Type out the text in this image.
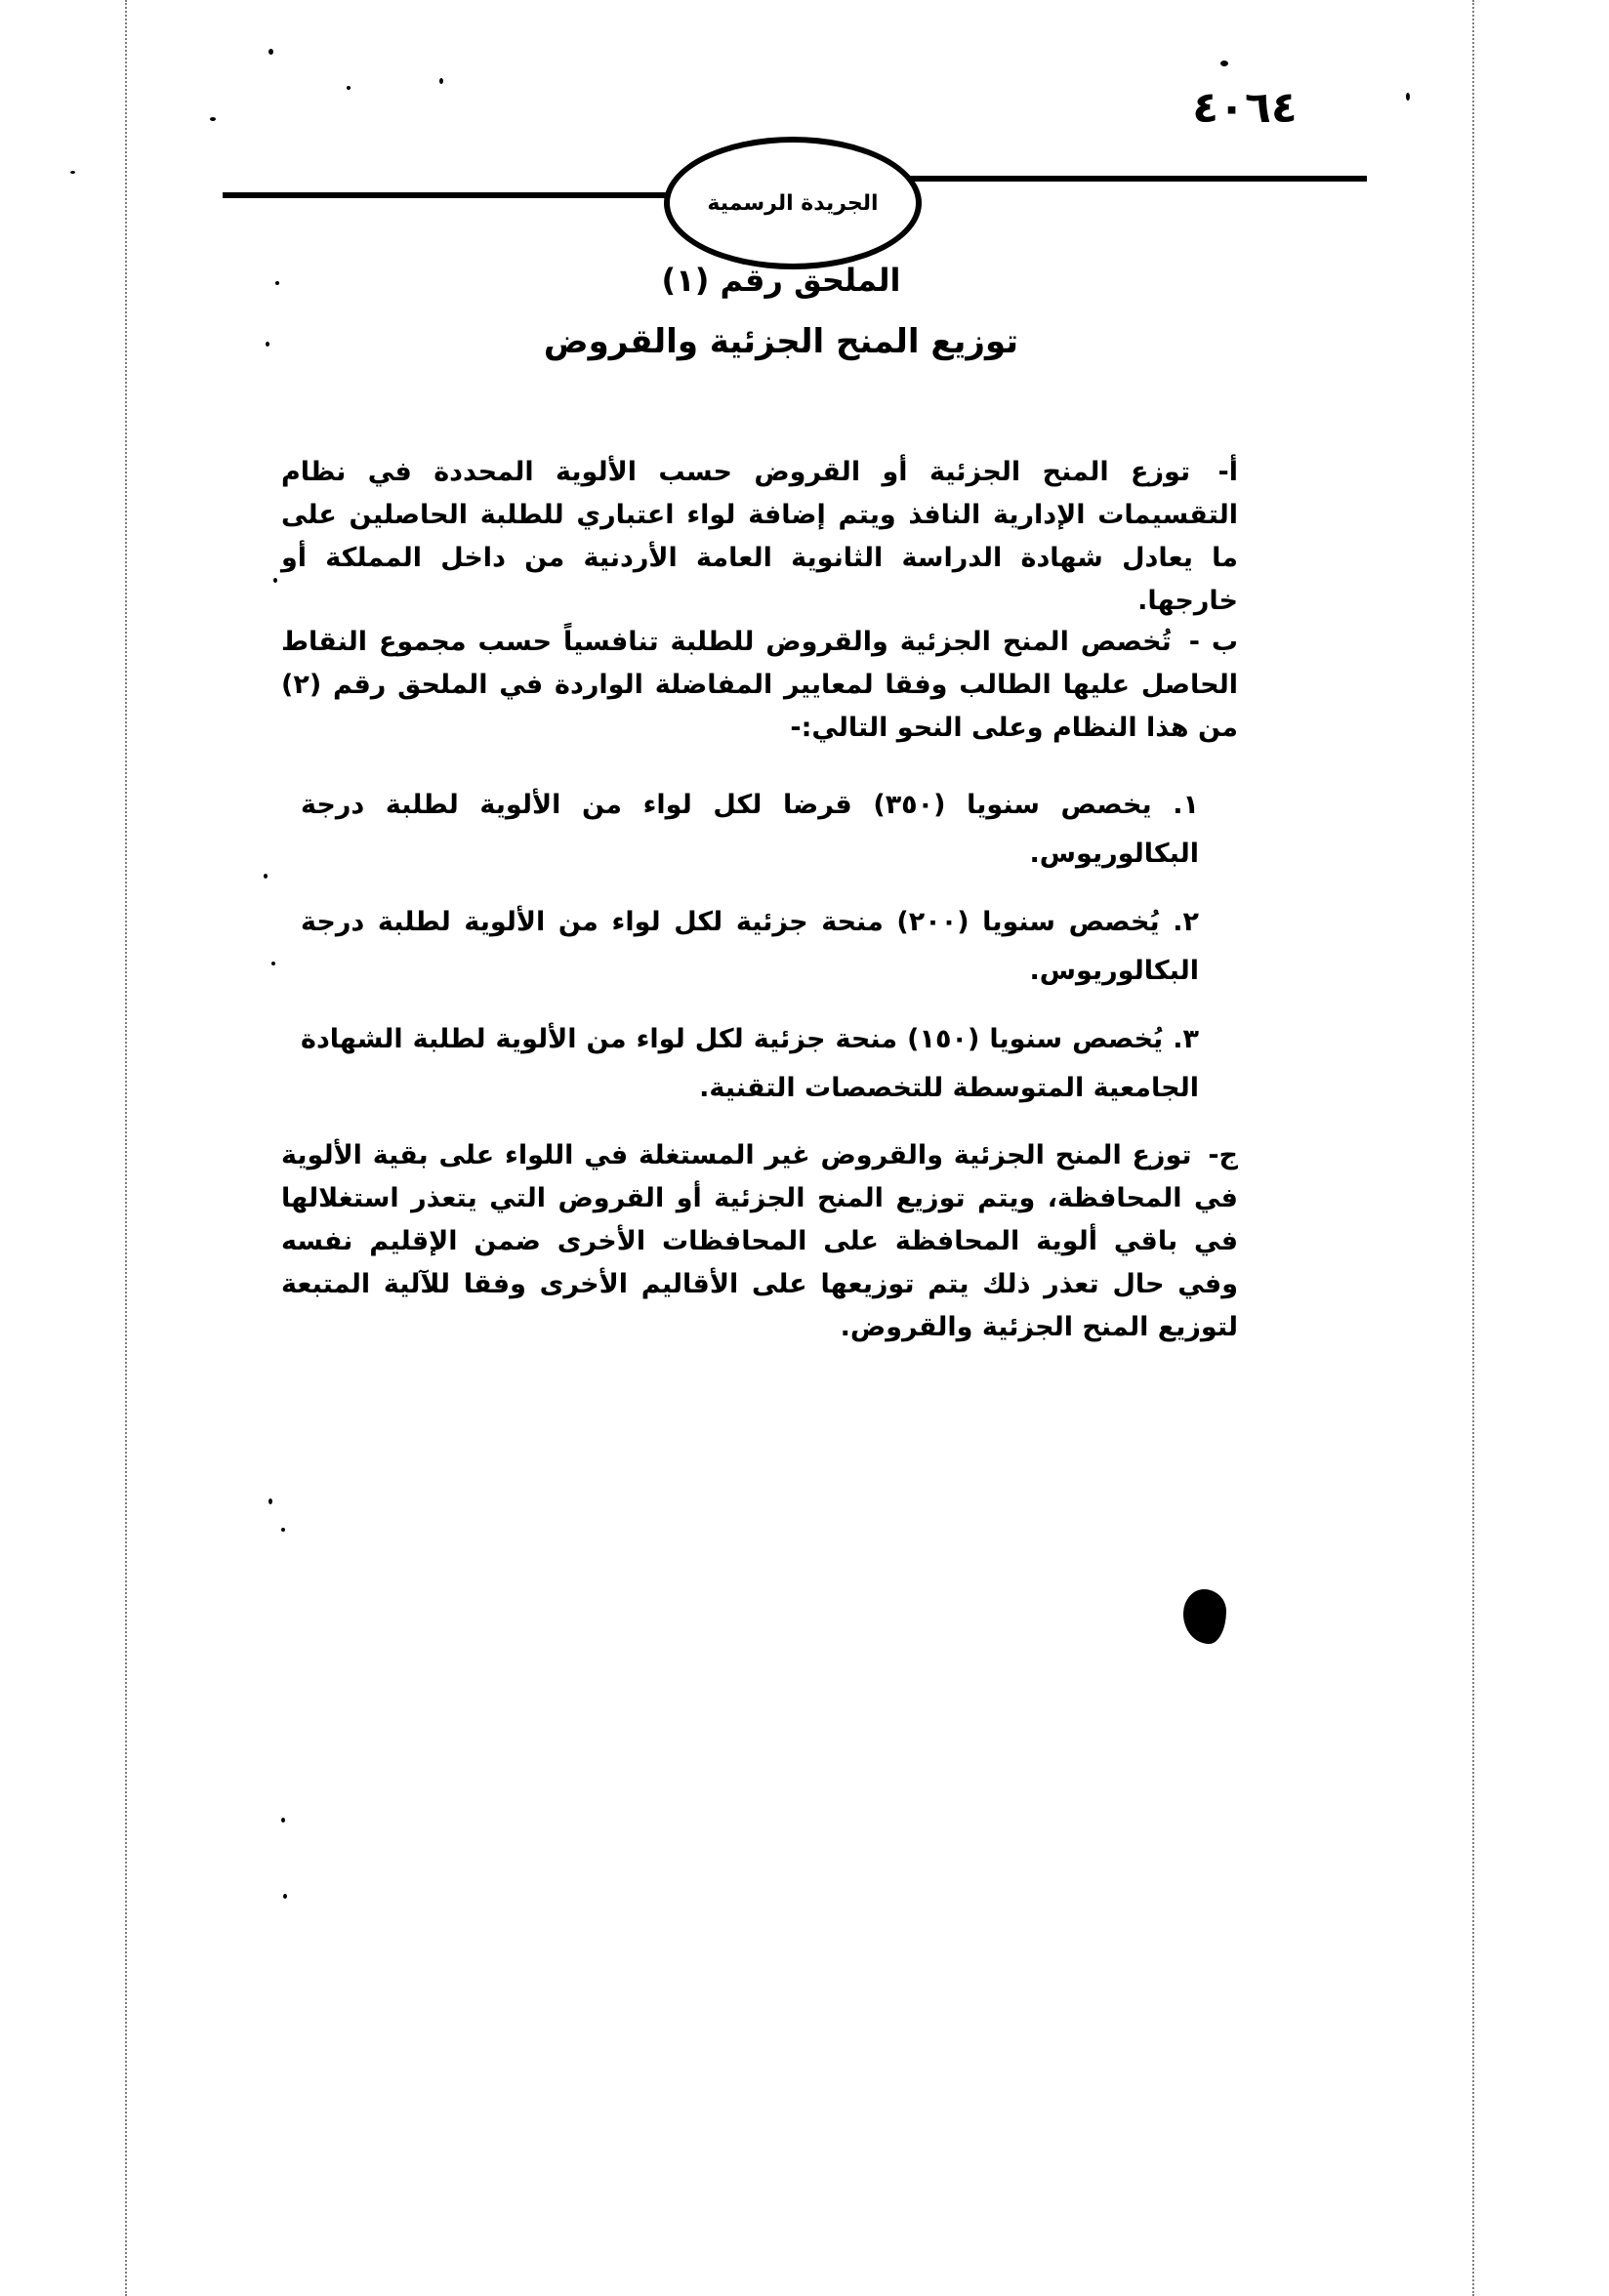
٤٠٦٤
الجريدة الرسمية
الملحق رقم (١)
توزيع المنح الجزئية والقروض
أ- توزع المنح الجزئية أو القروض حسب الألوية المحددة في نظام التقسيمات الإدارية النافذ ويتم إضافة لواء اعتباري للطلبة الحاصلين على ما يعادل شهادة الدراسة الثانوية العامة الأردنية من داخل المملكة أو خارجها.
ب - تُخصص المنح الجزئية والقروض للطلبة تنافسياً حسب مجموع النقاط الحاصل عليها الطالب وفقا لمعايير المفاضلة الواردة في الملحق رقم (٢) من هذا النظام وعلى النحو التالي:-
١. يخصص سنويا (٣٥٠) قرضا لكل لواء من الألوية لطلبة درجة البكالوريوس.
٢. يُخصص سنويا (٢٠٠) منحة جزئية لكل لواء من الألوية لطلبة درجة البكالوريوس.
٣. يُخصص سنويا (١٥٠) منحة جزئية لكل لواء من الألوية لطلبة الشهادة الجامعية المتوسطة للتخصصات التقنية.
ج- توزع المنح الجزئية والقروض غير المستغلة في اللواء على بقية الألوية في المحافظة، ويتم توزيع المنح الجزئية أو القروض التي يتعذر استغلالها في باقي ألوية المحافظة على المحافظات الأخرى ضمن الإقليم نفسه وفي حال تعذر ذلك يتم توزيعها على الأقاليم الأخرى وفقا للآلية المتبعة لتوزيع المنح الجزئية والقروض.
